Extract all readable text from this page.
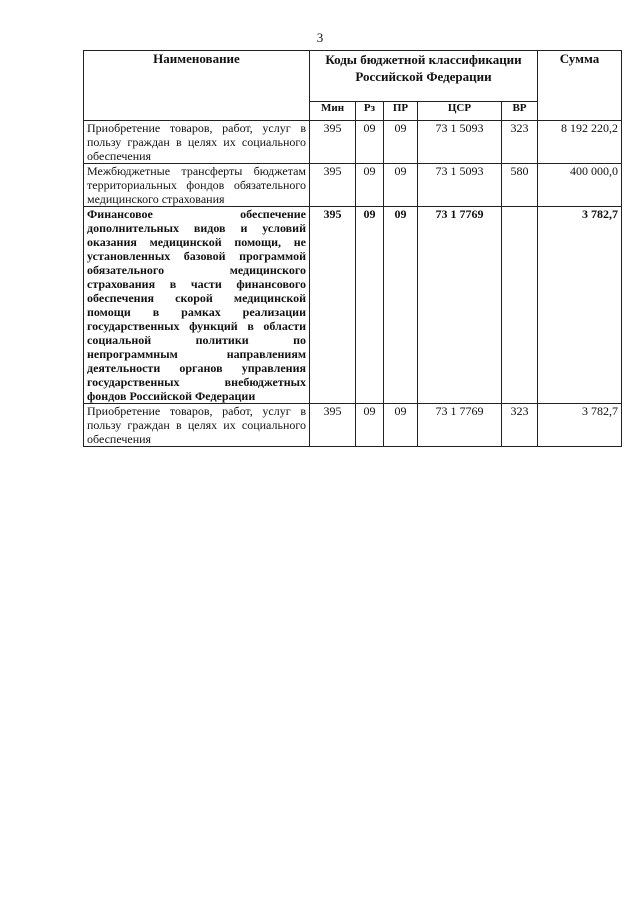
3
Наименование	Коды бюджетной классификации Российской Федерации					Сумма
	Мин	Рз	ПР	ЦСР	ВР	
Приобретение товаров, работ, услуг в пользу граждан в целях их социального обеспечения	395	09	09	73 1 5093	323	8 192 220,2
Межбюджетные трансферты бюджетам территориальных фондов обязательного медицинского страхования	395	09	09	73 1 5093	580	400 000,0
Финансовое обеспечение дополнительных видов и условий оказания медицинской помощи, не установленных базовой программой обязательного медицинского страхования в части финансового обеспечения скорой медицинской помощи в рамках реализации государственных функций в области социальной политики по непрограммным направлениям деятельности органов управления государственных внебюджетных фондов Российской Федерации	395	09	09	73 1 7769		3 782,7
Приобретение товаров, работ, услуг в пользу граждан в целях их социального обеспечения	395	09	09	73 1 7769	323	3 782,7
